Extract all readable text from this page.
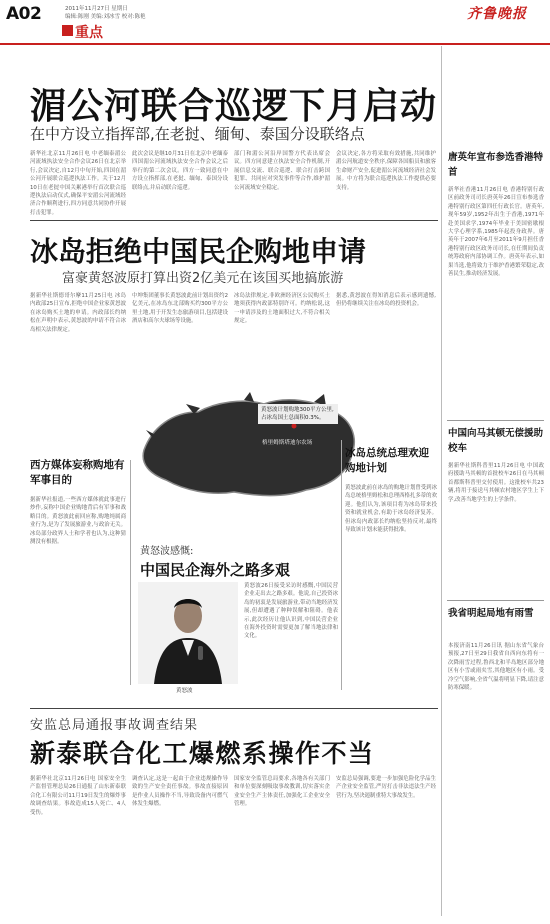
A02	2011年11月27日 星期日
编辑:陈刚 美编:刘冰雪 校对:陈艳	齐鲁晚报
重点
湄公河联合巡逻下月启动
在中方设立指挥部,在老挝、缅甸、泰国分设联络点
新华社北京11月26日电 中老缅泰湄公河流域执法安全合作会议26日在北京举行,会议决定,自12月中旬开始,四国在湄公河开展联合巡逻执法工作。关于12月10日在老挝中国关累港举行首次联合巡逻执法启动仪式,确保平安湄公河流域经济合作顺利进行,四方同意共同协作开展打击犯罪。
此次会议是继10月31日在北京中老缅泰四国湄公河流域执法安全合作会议之后举行的第二次会议。四方一致同意在中方设立指挥部,在老挝、缅甸、泰国分设联络点,并启动联合巡逻。
部门和湄公河沿岸国警方代表出席会议。四方同意建立执法安全合作机制,开展信息交流、联合巡逻、联合打击跨国犯罪、共同应对突发事件等合作,维护湄公河流域安全稳定。
会议决定,各方将采取有效措施,共同维护湄公河航道安全秩序,保障各国船员和旅客生命财产安全,促进湄公河流域经济社会发展。中方将为联合巡逻执法工作提供必要支持。
冰岛拒绝中国民企购地申请
富豪黄怒波原打算出资2亿美元在该国买地搞旅游
据新华社斯德哥尔摩11月25日电 冰岛内政部25日宣布,拒绝中国企业家黄怒波在冰岛购买土地的申请。内政部长约纳松在声明中表示,黄怒波的申请不符合冰岛相关法律规定。
中坤集团董事长黄怒波此前计划出资约2亿美元,在冰岛东北部购买约300平方公里土地,用于开发生态旅游项目,包括建设酒店和高尔夫球场等设施。
冰岛法律规定,非欧洲经济区公民购买土地须获得内政部特别许可。约纳松说,这一申请涉及的土地面积过大,不符合相关规定。
据悉,黄怒波在得知消息后表示感到遗憾,但仍将继续关注在冰岛的投资机会。
黄怒波计划购地300平方公里,占冰岛国土总面积0.3%。
格里姆斯塔迪尔农场
西方媒体妄称购地有军事目的
据新华社报道,一些西方媒体就此事进行炒作,妄称中国企业购地背后有军事和战略目的。黄怒波此前回应称,购地纯属商业行为,是为了发展旅游业,与政治无关。冰岛部分政界人士和学者也认为,这种猜测没有根据。
黄怒波感慨:
中国民企海外之路多艰
黄怒波
黄怒波26日接受采访时感慨,中国民营企业走出去之路多艰。他说,自己投资冰岛的初衷是发展旅游业,带动当地经济发展,但却遭遇了种种误解和阻碍。他表示,此次经历让他认识到,中国民营企业在海外投资时需要更加了解当地法律和文化。
冰岛总统总理欢迎购地计划
黄怒波此前在冰岛的购地计划曾受到冰岛总统格里姆松和总理西格扎多蒂的欢迎。他们认为,该项目将为冰岛带来投资和就业机会,有助于冰岛经济复苏。但冰岛内政部长约纳松坚持反对,最终导致该计划未能获得批准。
安监总局通报事故调查结果
新泰联合化工爆燃系操作不当
据新华社北京11月26日电 国家安全生产监督管理总局26日通报了山东新泰联合化工有限公司11月19日发生的爆炸事故调查结果。事故造成15人死亡、4人受伤。
调查认定,这是一起由于企业违规操作导致的生产安全责任事故。事故直接原因是作业人员操作不当,导致设备内可燃气体发生爆燃。
国家安全监管总局要求,各地各有关部门和单位要深刻吸取事故教训,切实落实企业安全生产主体责任,加强化工企业安全管理。
安监总局强调,要进一步加强危险化学品生产企业安全监管,严厉打击非法违法生产经营行为,坚决遏制重特大事故发生。
唐英年宣布参选香港特首
新华社香港11月26日电 香港特别行政区前政务司司长唐英年26日宣布参选香港特别行政区第四任行政长官。唐英年,现年59岁,1952年出生于香港,1971年赴美国求学,1974年毕业于美国密歇根大学心理学系,1985年起投身政界。唐英年于2007年6月至2011年9月担任香港特别行政区政务司司长,在任期间负责统筹政府内部协调工作。唐英年表示,如果当选,他将致力于维护香港繁荣稳定,改善民生,推动经济发展。
中国向马其顿无偿援助校车
据新华社斯科普里11月26日电 中国政府援助马其顿的首批校车26日在马其顿首都斯科普里交付使用。这批校车共23辆,将用于接送马其顿农村地区学生上下学,改善当地学生的上学条件。
我省明起局地有雨雪
本报济南11月26日讯 据山东省气象台预报,27日至29日我省自西向东将有一次降雨雪过程,鲁西北和半岛地区部分地区有小雪或雨夹雪,其他地区有小雨。受冷空气影响,全省气温将明显下降,请注意防寒保暖。
